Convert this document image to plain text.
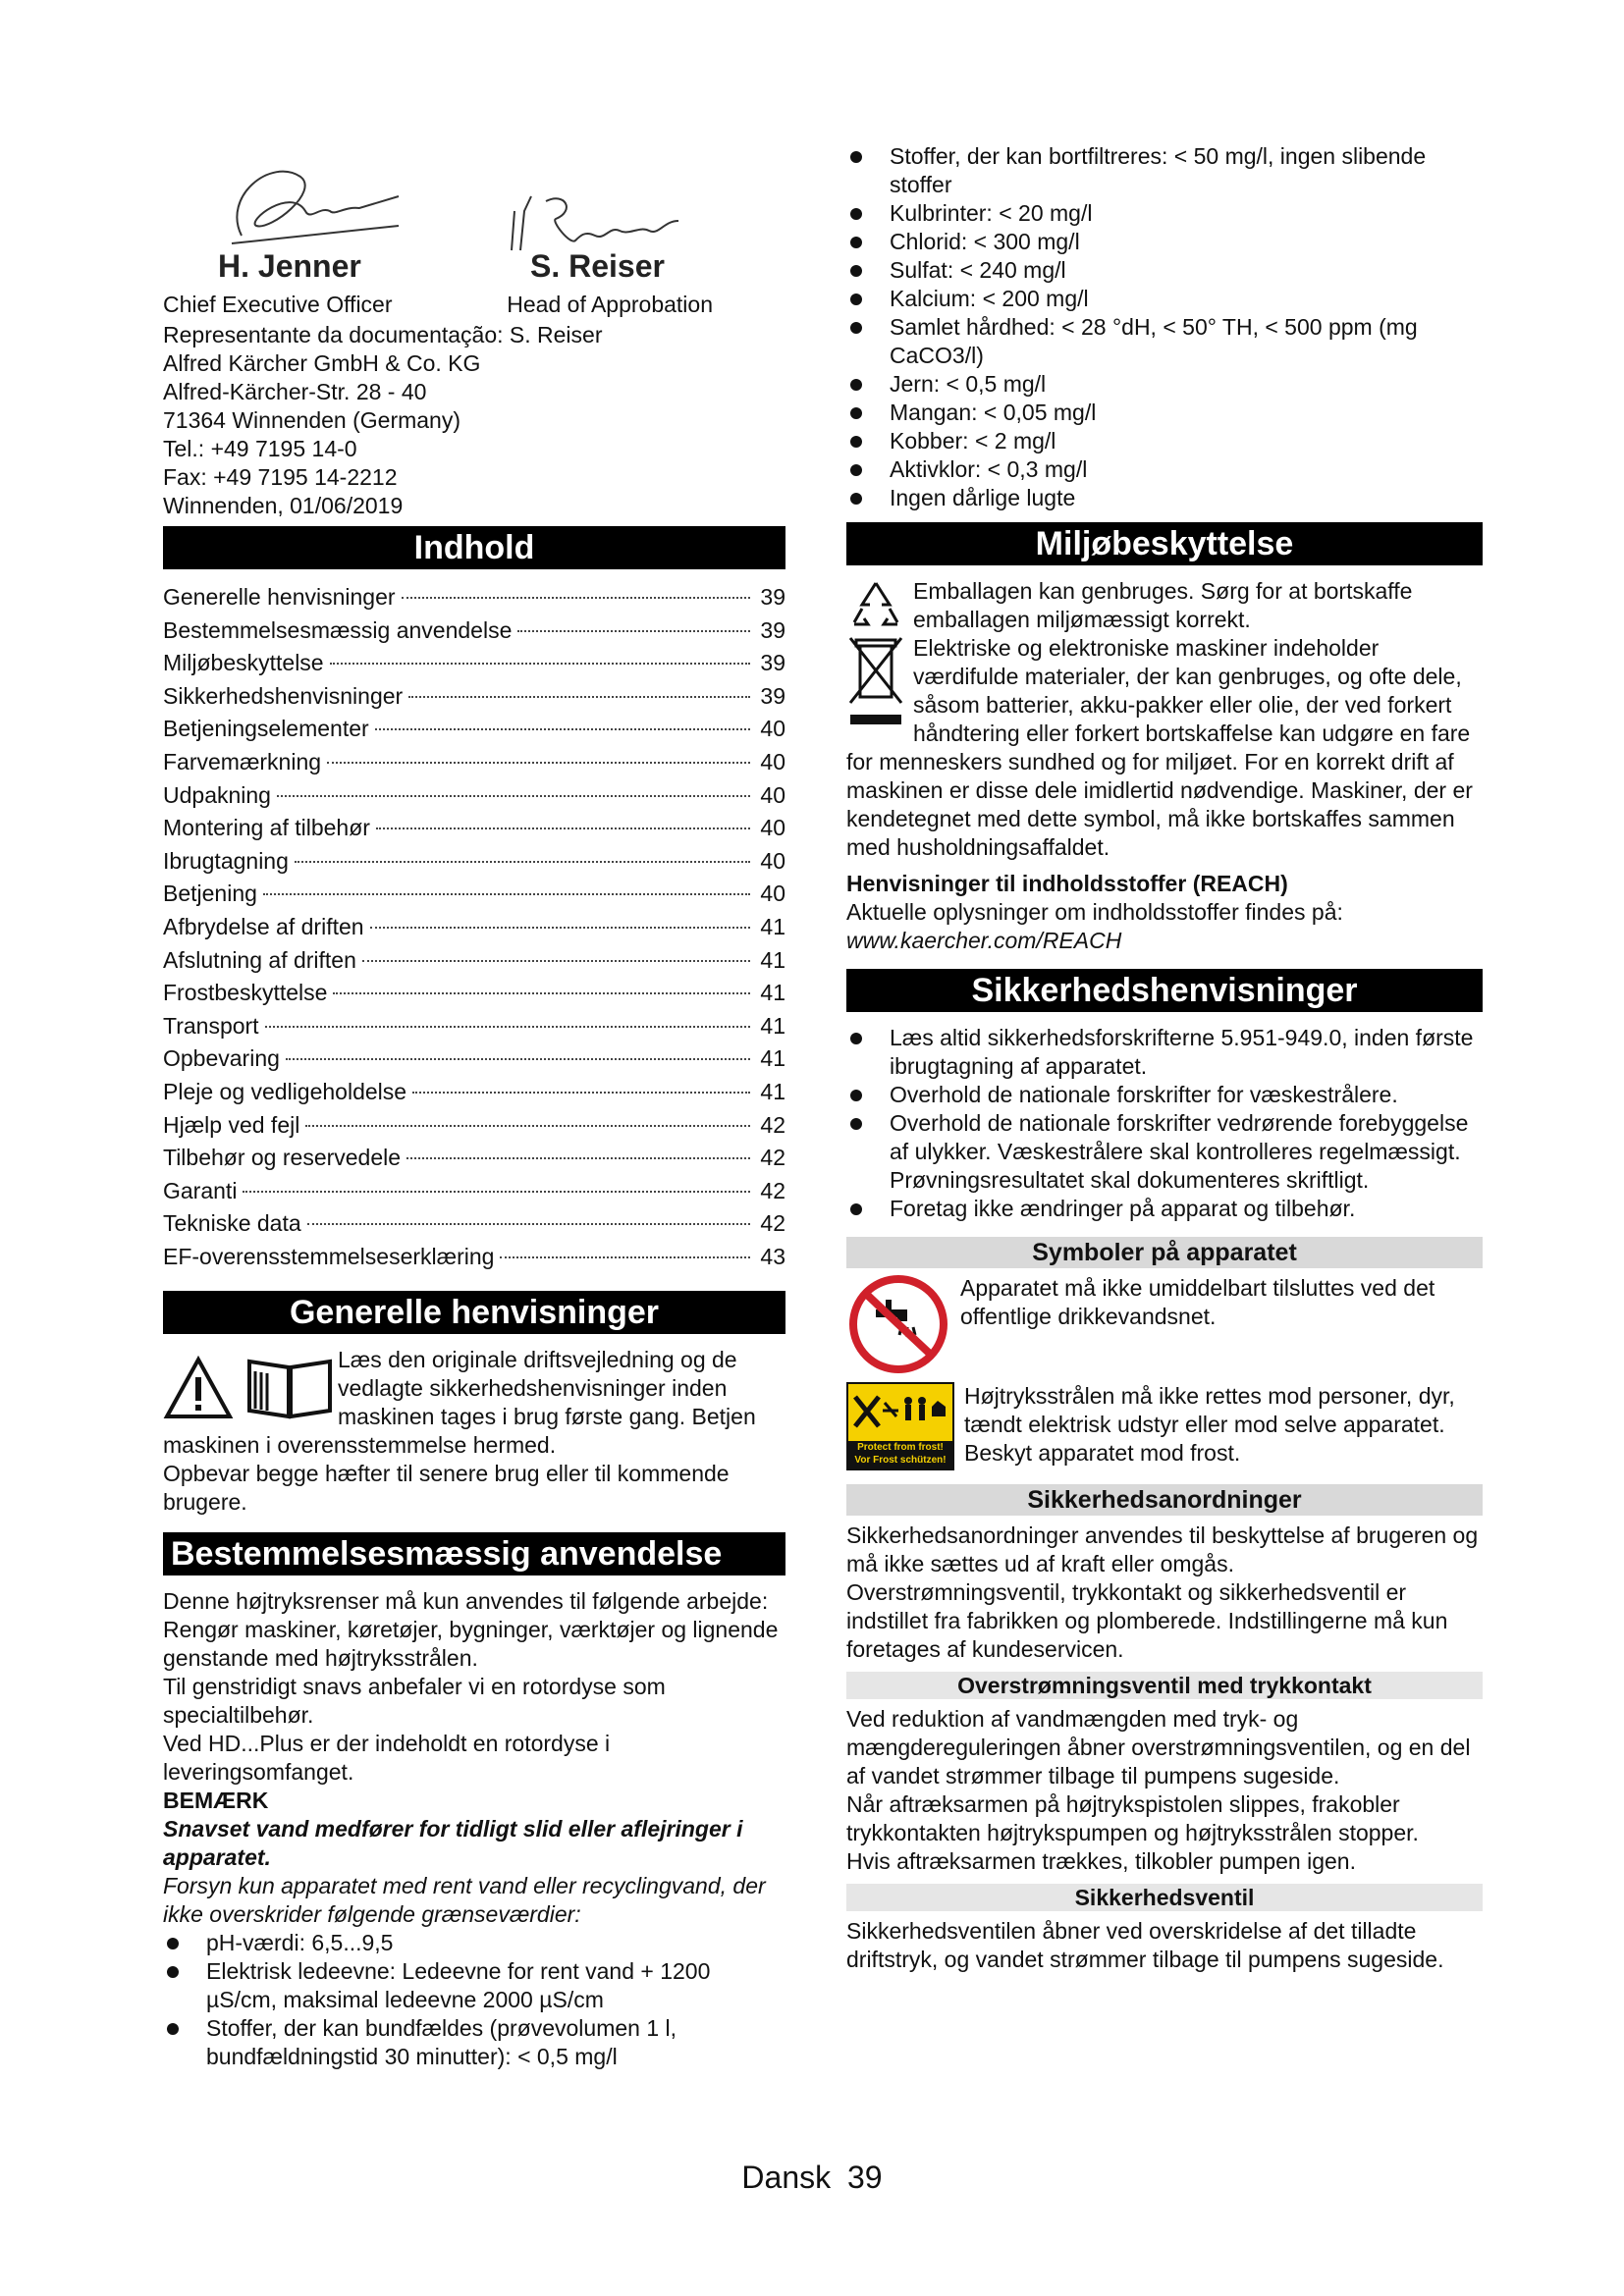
H. Jenner	S. Reiser
Chief Executive Officer	Head of Approbation

Representante da documentação: S. Reiser

Alfred Kärcher GmbH & Co. KG

Alfred-Kärcher-Str. 28 - 40

71364 Winnenden (Germany)

Tel.: +49 7195 14-0

Fax: +49 7195 14-2212

Winnenden, 01/06/2019

Indhold
Generelle henvisninger	39
Bestemmelsesmæssig anvendelse	39
Miljøbeskyttelse	39
Sikkerhedshenvisninger	39
Betjeningselementer	40
Farvemærkning	40
Udpakning	40
Montering af tilbehør	40
Ibrugtagning	40
Betjening	40
Afbrydelse af driften	41
Afslutning af driften	41
Frostbeskyttelse	41
Transport	41
Opbevaring	41
Pleje og vedligeholdelse	41
Hjælp ved fejl	42
Tilbehør og reservedele	42
Garanti	42
Tekniske data	42
EF-overensstemmelseserklæring	43
Generelle henvisninger

Læs den originale driftsvejledning og de vedlagte sikkerhedshenvisninger inden maskinen tages i brug første gang. Betjen maskinen i overensstemmelse hermed.

Opbevar begge hæfter til senere brug eller til kommende brugere.

Bestemmelsesmæssig anvendelse

Denne højtryksrenser må kun anvendes til følgende arbejde:

Rengør maskiner, køretøjer, bygninger, værktøjer og lignende genstande med højtryksstrålen.

Til genstridigt snavs anbefaler vi en rotordyse som specialtilbehør.

Ved HD...Plus er der indeholdt en rotordyse i leveringsomfanget.

BEMÆRK

Snavset vand medfører for tidligt slid eller aflejringer i apparatet.

Forsyn kun apparatet med rent vand eller recyclingvand, der ikke overskrider følgende grænseværdier:

pH-værdi: 6,5...9,5

Elektrisk ledeevne: Ledeevne for rent vand + 1200 µS/cm, maksimal ledeevne 2000 µS/cm

Stoffer, der kan bundfældes (prøvevolumen 1 l, bundfældningstid 30 minutter): < 0,5 mg/l

Stoffer, der kan bortfiltreres: < 50 mg/l, ingen slibende stoffer

Kulbrinter: < 20 mg/l

Chlorid: < 300 mg/l

Sulfat: < 240 mg/l

Kalcium: < 200 mg/l

Samlet hårdhed: < 28 °dH, < 50° TH, < 500 ppm (mg CaCO3/l)

Jern: < 0,5 mg/l

Mangan: < 0,05 mg/l

Kobber: < 2 mg/l

Aktivklor: < 0,3 mg/l

Ingen dårlige lugte

Miljøbeskyttelse

Emballagen kan genbruges. Sørg for at bortskaffe emballagen miljømæssigt korrekt.

Elektriske og elektroniske maskiner indeholder værdifulde materialer, der kan genbruges, og ofte dele, såsom batterier, akku-pakker eller olie, der ved forkert håndtering eller forkert bortskaffelse kan udgøre en fare for menneskers sundhed og for miljøet. For en korrekt drift af maskinen er disse dele imidlertid nødvendige. Maskiner, der er kendetegnet med dette symbol, må ikke bortskaffes sammen med husholdningsaffaldet.

Henvisninger til indholdsstoffer (REACH)

Aktuelle oplysninger om indholdsstoffer findes på:

www.kaercher.com/REACH

Sikkerhedshenvisninger

Læs altid sikkerhedsforskrifterne 5.951-949.0, inden første ibrugtagning af apparatet.

Overhold de nationale forskrifter for væskestrålere.

Overhold de nationale forskrifter vedrørende forebyggelse af ulykker. Væskestrålere skal kontrolleres regelmæssigt. Prøvningsresultatet skal dokumenteres skriftligt.

Foretag ikke ændringer på apparat og tilbehør.

Symboler på apparatet

Apparatet må ikke umiddelbart tilsluttes ved det offentlige drikkevandsnet.

Protect from frost!
Vor Frost schützen!

Højtryksstrålen må ikke rettes mod personer, dyr, tændt elektrisk udstyr eller mod selve apparatet. Beskyt apparatet mod frost.

Sikkerhedsanordninger

Sikkerhedsanordninger anvendes til beskyttelse af brugeren og må ikke sættes ud af kraft eller omgås.

Overstrømningsventil, trykkontakt og sikkerhedsventil er indstillet fra fabrikken og plomberede. Indstillingerne må kun foretages af kundeservicen.

Overstrømningsventil med trykkontakt

Ved reduktion af vandmængden med tryk- og mængdereguleringen åbner overstrømningsventilen, og en del af vandet strømmer tilbage til pumpens sugeside.

Når aftræksarmen på højtrykspistolen slippes, frakobler trykkontakten højtrykspumpen og højtryksstrålen stopper.

Hvis aftræksarmen trækkes, tilkobler pumpen igen.

Sikkerhedsventil

Sikkerhedsventilen åbner ved overskridelse af det tilladte driftstryk, og vandet strømmer tilbage til pumpens sugeside.

Dansk 39
